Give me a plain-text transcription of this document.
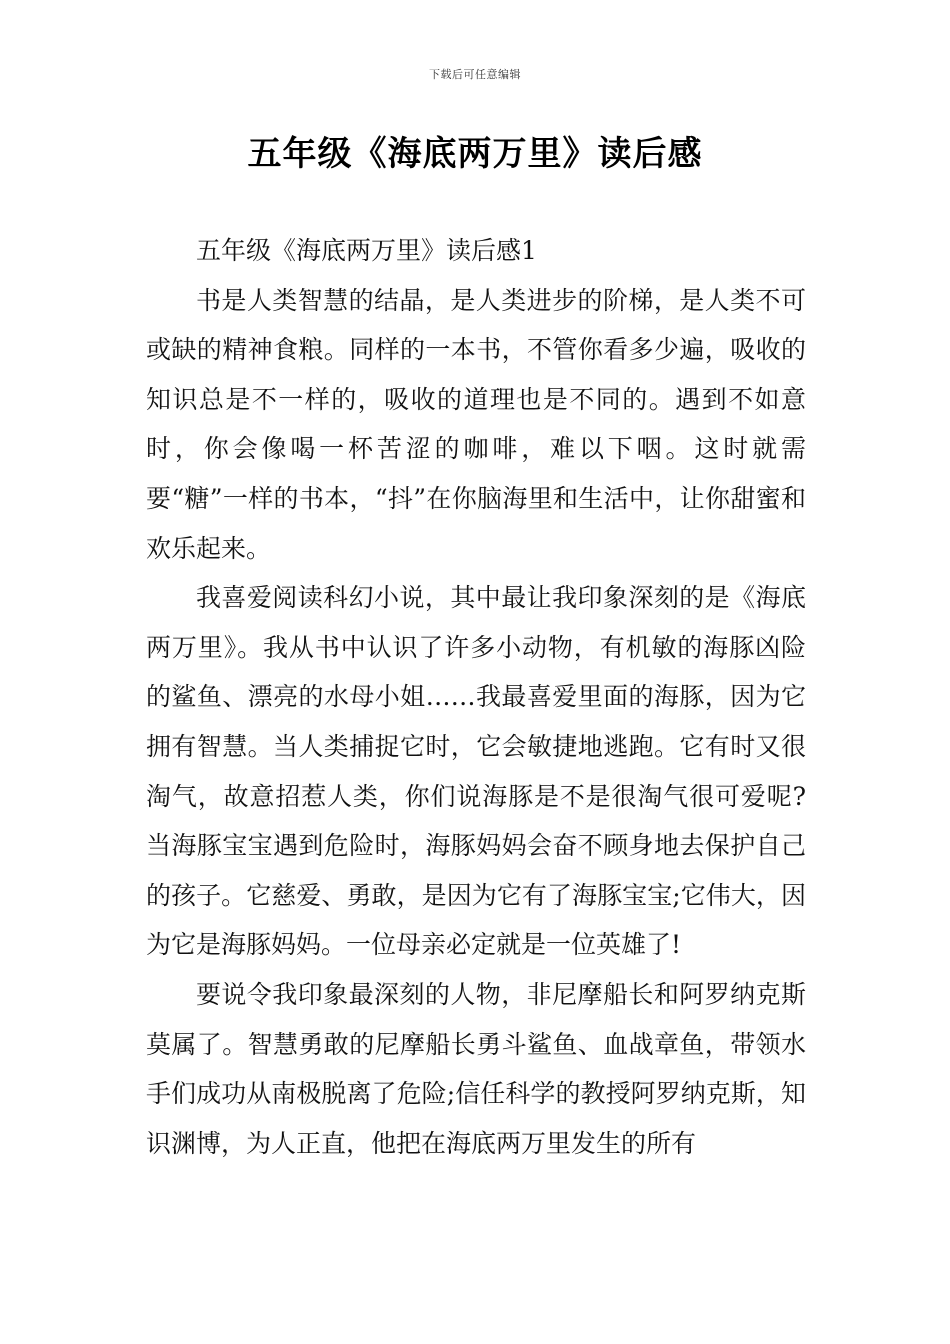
下载后可任意编辑
五年级《海底两万里》读后感

五年级《海底两万里》读后感1

书是人类智慧的结晶，是人类进步的阶梯，是人类不可或缺的精神食粮。同样的一本书，不管你看多少遍，吸收的知识总是不一样的，吸收的道理也是不同的。遇到不如意时，你会像喝一杯苦涩的咖啡，难以下咽。这时就需要“糖”一样的书本，“抖”在你脑海里和生活中，让你甜蜜和欢乐起来。

我喜爱阅读科幻小说，其中最让我印象深刻的是《海底两万里》。我从书中认识了许多小动物，有机敏的海豚凶险的鲨鱼、漂亮的水母小姐……我最喜爱里面的海豚，因为它拥有智慧。当人类捕捉它时，它会敏捷地逃跑。它有时又很淘气，故意招惹人类，你们说海豚是不是很淘气很可爱呢?当海豚宝宝遇到危险时，海豚妈妈会奋不顾身地去保护自己的孩子。它慈爱、勇敢，是因为它有了海豚宝宝;它伟大，因为它是海豚妈妈。一位母亲必定就是一位英雄了!

要说令我印象最深刻的人物，非尼摩船长和阿罗纳克斯莫属了。智慧勇敢的尼摩船长勇斗鲨鱼、血战章鱼，带领水手们成功从南极脱离了危险;信任科学的教授阿罗纳克斯，知识渊博，为人正直，他把在海底两万里发生的所有
